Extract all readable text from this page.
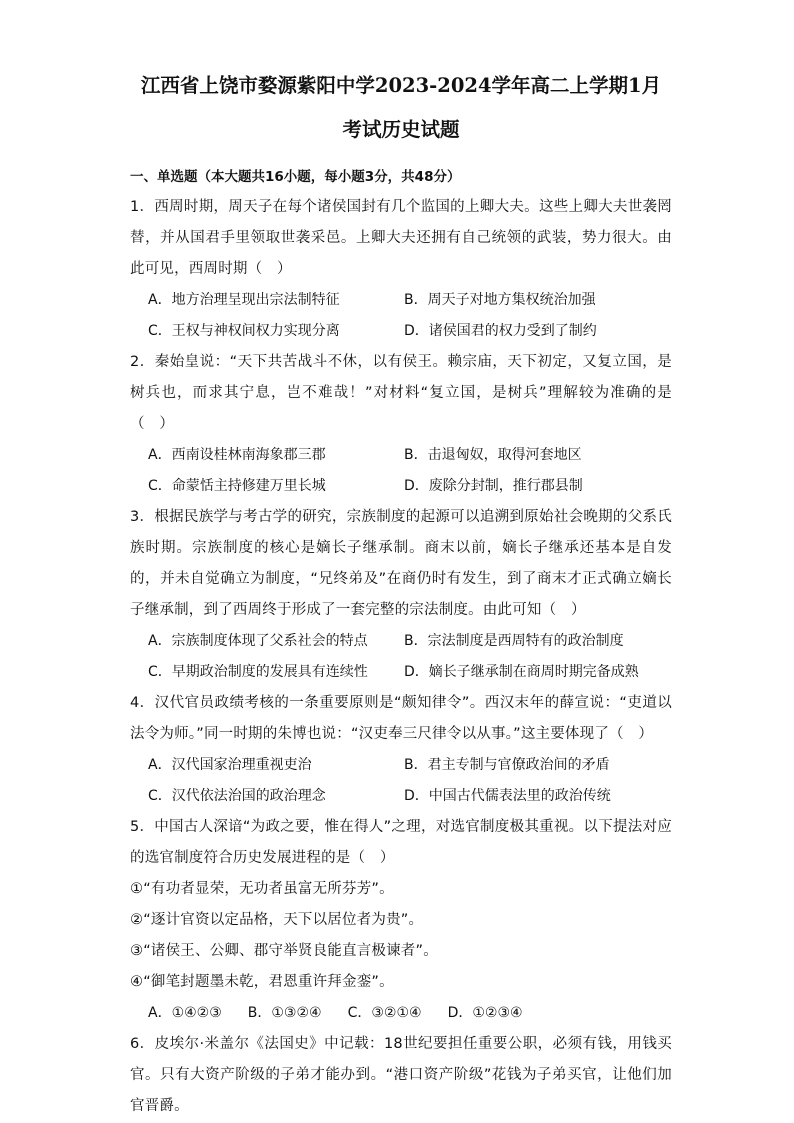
江西省上饶市婺源紫阳中学2023-2024学年高二上学期1月
考试历史试题

一、单选题（本大题共16小题，每小题3分，共48分）

1．西周时期，周天子在每个诸侯国封有几个监国的上卿大夫。这些上卿大夫世袭罔替，并从国君手里领取世袭采邑。上卿大夫还拥有自己统领的武装，势力很大。由此可见，西周时期（　）

A．地方治理呈现出宗法制特征	B．周天子对地方集权统治加强
C．王权与神权间权力实现分离	D．诸侯国君的权力受到了制约

2．秦始皇说：“天下共苦战斗不休，以有侯王。赖宗庙，天下初定，又复立国，是树兵也，而求其宁息，岂不难哉！”对材料“复立国，是树兵”理解较为准确的是（　）

A．西南设桂林南海象郡三郡	B．击退匈奴，取得河套地区
C．命蒙恬主持修建万里长城	D．废除分封制，推行郡县制

3．根据民族学与考古学的研究，宗族制度的起源可以追溯到原始社会晚期的父系氏族时期。宗族制度的核心是嫡长子继承制。商末以前，嫡长子继承还基本是自发的，并未自觉确立为制度，“兄终弟及”在商仍时有发生，到了商末才正式确立嫡长子继承制，到了西周终于形成了一套完整的宗法制度。由此可知（　）

A．宗族制度体现了父系社会的特点	B．宗法制度是西周特有的政治制度
C．早期政治制度的发展具有连续性	D．嫡长子继承制在商周时期完备成熟

4．汉代官员政绩考核的一条重要原则是“颇知律令”。西汉末年的薛宣说：“吏道以法令为师。”同一时期的朱博也说：“汉吏奉三尺律令以从事。”这主要体现了（　）

A．汉代国家治理重视吏治	B．君主专制与官僚政治间的矛盾
C．汉代依法治国的政治理念	D．中国古代儒表法里的政治传统

5．中国古人深谙“为政之要，惟在得人”之理，对选官制度极其重视。以下提法对应的选官制度符合历史发展进程的是（　）

①“有功者显荣，无功者虽富无所芬芳”。

②“逐计官资以定品格，天下以居位者为贵”。

③“诸侯王、公卿、郡守举贤良能直言极谏者”。

④“御笔封题墨未乾，君恩重许拜金銮”。

A．①④②③ B．①③②④ C．③②①④ D．①②③④

6．皮埃尔·米盖尔《法国史》中记载：18世纪要担任重要公职，必须有钱，用钱买官。只有大资产阶级的子弟才能办到。“港口资产阶级”花钱为子弟买官，让他们加官晋爵。
